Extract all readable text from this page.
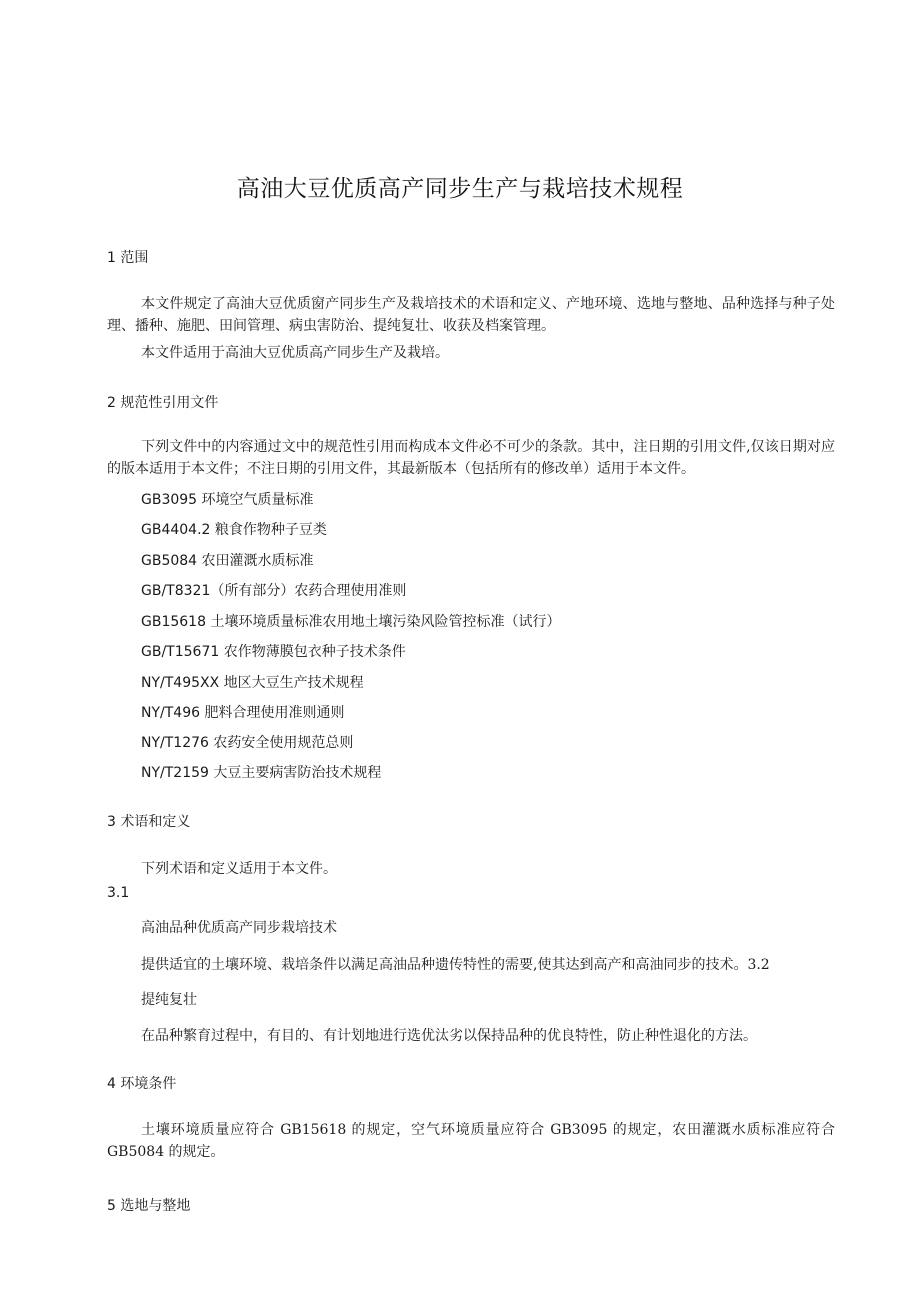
高油大豆优质高产同步生产与栽培技术规程
1 范围
本文件规定了高油大豆优质窗产同步生产及栽培技术的术语和定义、产地环境、选地与整地、品种选择与种子处理、播种、施肥、田间管理、病虫害防治、提纯复壮、收获及档案管理。
本文件适用于高油大豆优质高产同步生产及栽培。
2 规范性引用文件
下列文件中的内容通过文中的规范性引用而构成本文件必不可少的条款。其中，注日期的引用文件,仅该日期对应的版本适用于本文件；不注日期的引用文件，其最新版本（包括所有的修改单）适用于本文件。
GB3095 环境空气质量标准
GB4404.2 粮食作物种子豆类
GB5084 农田灌溉水质标准
GB/T8321（所有部分）农药合理使用准则
GB15618 土壤环境质量标准农用地土壤污染风险管控标准（试行）
GB/T15671 农作物薄膜包衣种子技术条件
NY/T495XX 地区大豆生产技术规程
NY/T496 肥料合理使用准则通则
NY/T1276 农药安全使用规范总则
NY/T2159 大豆主要病害防治技术规程
3 术语和定义
下列术语和定义适用于本文件。
3.1
高油品种优质高产同步栽培技术
提供适宜的土壤环境、栽培条件以满足高油品种遗传特性的需要,使其达到高产和高油同步的技术。3.2
提纯复壮
在品种繁育过程中，有目的、有计划地进行选优汰劣以保持品种的优良特性，防止种性退化的方法。
4 环境条件
土壤环境质量应符合 GB15618 的规定，空气环境质量应符合 GB3095 的规定，农田灌溉水质标准应符合 GB5084 的规定。
5 选地与整地
